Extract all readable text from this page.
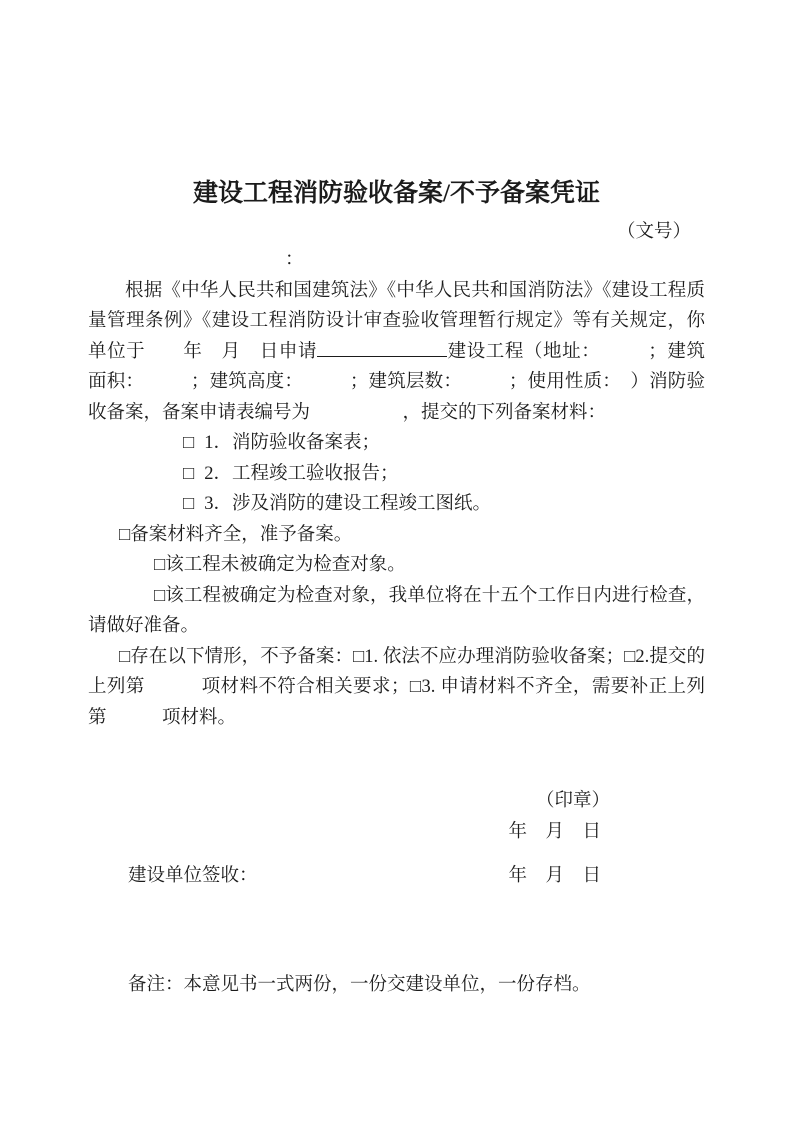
建设工程消防验收备案/不予备案凭证
（文号）
：

根据《中华人民共和国建筑法》《中华人民共和国消防法》《建设工程质量管理条例》《建设工程消防设计审查验收管理暂行规定》等有关规定，你单位于　　年　月　日申请	建设工程（地址：　　　；建筑面积：　　　；建筑高度：　　　；建筑层数：　　　；使用性质：　）消防验收备案，备案申请表编号为　　　　　，提交的下列备案材料：

□ 1．消防验收备案表；
□ 2．工程竣工验收报告；
□ 3．涉及消防的建设工程竣工图纸。
□备案材料齐全，准予备案。
□该工程未被确定为检查对象。

□该工程被确定为检查对象，我单位将在十五个工作日内进行检查，请做好准备。

□存在以下情形，不予备案：□1. 依法不应办理消防验收备案；□2.提交的上列第　　　项材料不符合相关要求；□3. 申请材料不齐全，需要补正上列第　　　项材料。

（印章）
年　月　日
建设单位签收：	年　月　日
备注：本意见书一式两份，一份交建设单位，一份存档。
